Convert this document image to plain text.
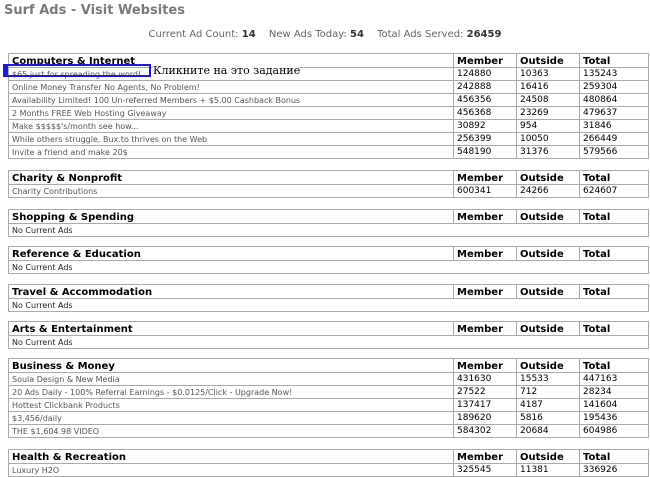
Surf Ads - Visit Websites
Current Ad Count: 14 New Ads Today: 54 Total Ads Served: 26459
Computers & Internet	Member	Outside	Total
$65 just for spreading the word!	124880	10363	135243
Online Money Transfer No Agents, No Problem!	242888	16416	259304
Availability Limited! 100 Un-referred Members + $5.00 Cashback Bonus	456356	24508	480864
2 Months FREE Web Hosting Giveaway	456368	23269	479637
Make $$$$$'s/month see how...	30892	954	31846
While others struggle, Bux.to thrives on the Web	256399	10050	266449
Invite a friend and make 20$	548190	31376	579566
Charity & Nonprofit	Member	Outside	Total
Charity Contributions	600341	24266	624607
Shopping & Spending	Member	Outside	Total
No Current Ads
Reference & Education	Member	Outside	Total
No Current Ads
Travel & Accommodation	Member	Outside	Total
No Current Ads
Arts & Entertainment	Member	Outside	Total
No Current Ads
Business & Money	Member	Outside	Total
Soula Design & New Media	431630	15533	447163
20 Ads Daily - 100% Referral Earnings - $0.0125/Click - Upgrade Now!	27522	712	28234
Hottest Clickbank Products	137417	4187	141604
$3,456/daily	189620	5816	195436
THE $1,604.98 VIDEO	584302	20684	604986
Health & Recreation	Member	Outside	Total
Luxury H2O	325545	11381	336926
Кликните на это задание
